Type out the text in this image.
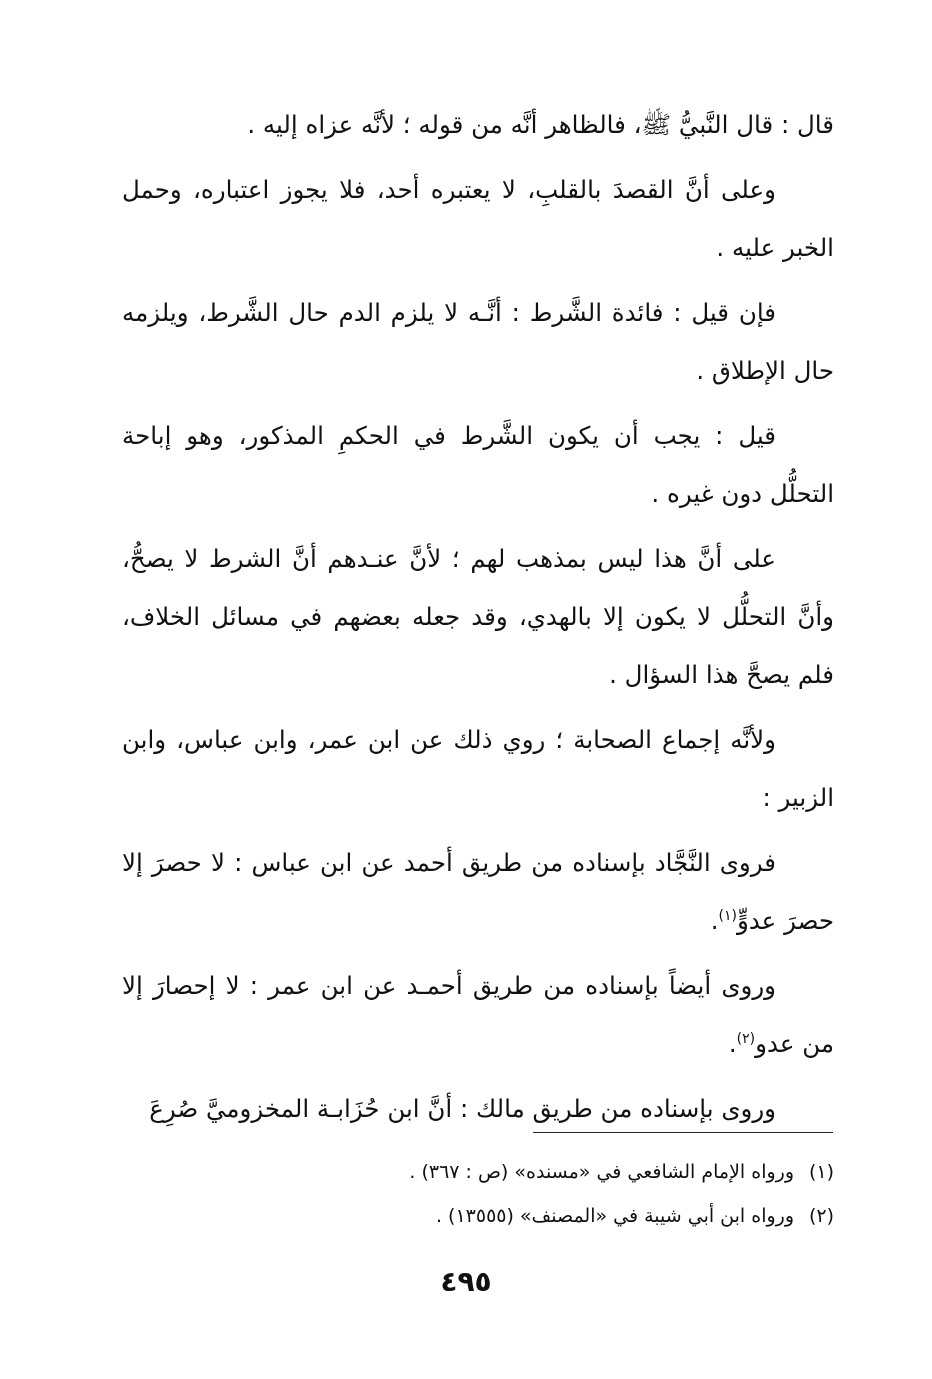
قال : قال النَّبيُّ ﷺ، فالظاهر أنَّه من قوله ؛ لأنَّه عزاه إليه .

وعلى أنَّ القصدَ بالقلبِ، لا يعتبره أحد، فلا يجوز اعتباره، وحمل الخبر عليه .

فإن قيل : فائدة الشَّرط : أنَّـه لا يلزم الدم حال الشَّرط، ويلزمه حال الإطلاق .

قيل : يجب أن يكون الشَّرط في الحكمِ المذكور، وهو إباحة التحلُّل دون غيره .

على أنَّ هذا ليس بمذهب لهم ؛ لأنَّ عنـدهم أنَّ الشرط لا يصحُّ، وأنَّ التحلُّل لا يكون إلا بالهدي، وقد جعله بعضهم في مسائل الخلاف، فلم يصحَّ هذا السؤال .

ولأنَّه إجماع الصحابة ؛ روي ذلك عن ابن عمر، وابن عباس، وابن الزبير :

فروى النَّجَّاد بإسناده من طريق أحمد عن ابن عباس : لا حصرَ إلا حصرَ عدوٍّ$^{(١)}$.

وروى أيضاً بإسناده من طريق أحمـد عن ابن عمر : لا إحصارَ إلا من عدو$^{(٢)}$.

وروى بإسناده من طريق مالك : أنَّ ابن حُزَابـة المخزوميَّ صُرِعَ

(١)ورواه الإمام الشافعي في «مسنده» (ص : ٣٦٧) .
(٢)ورواه ابن أبي شيبة في «المصنف» (١٣٥٥٥) .
٤٩٥
